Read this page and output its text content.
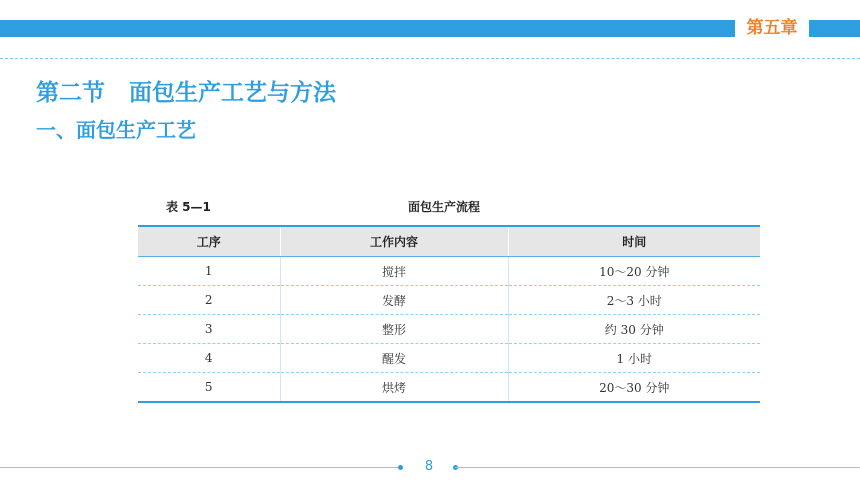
第五章
第二节   面包生产工艺与方法
一、面包生产工艺
表 5—1	面包生产流程
工序	工作内容	时间
1	搅拌	10～20 分钟
2	发酵	2～3 小时
3	整形	约 30 分钟
4	醒发	1 小时
5	烘烤	20～30 分钟
8
